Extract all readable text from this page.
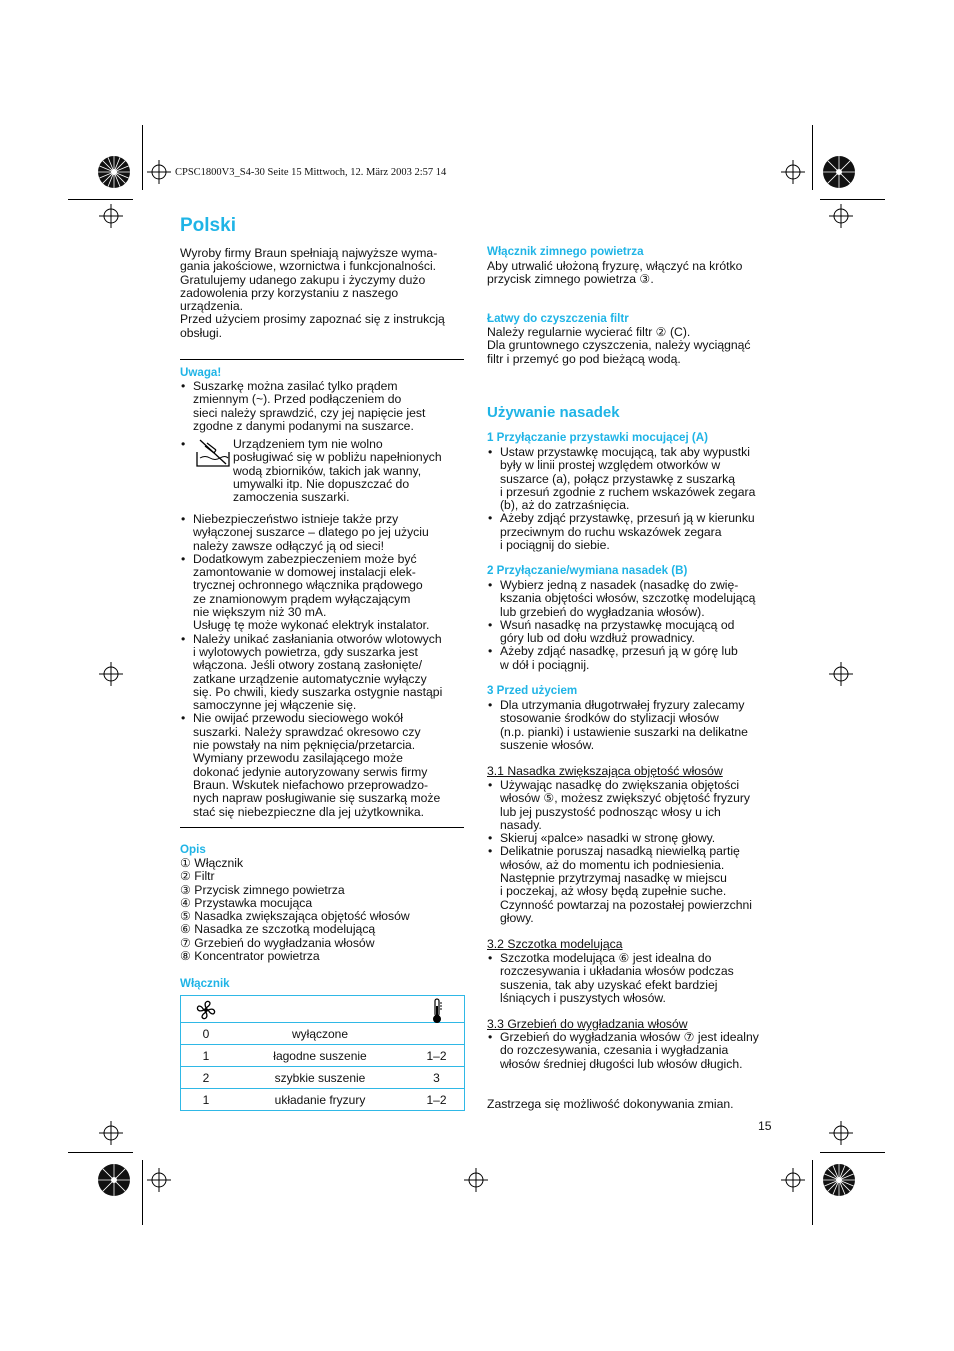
CPSC1800V3_S4-30 Seite 15 Mittwoch, 12. März 2003 2:57 14
Polski
Wyroby firmy Braun spełniają najwyższe wyma-
gania jakościowe, wzornictwa i funkcjonalności.
Gratulujemy udanego zakupu i życzymy dużo
zadowolenia przy korzystaniu z naszego
urządzenia.
Przed użyciem prosimy zapoznać się z instrukcją
obsługi.
Uwaga!
• Suszarkę można zasilać tylko prądem
zmiennym (~). Przed podłączeniem do
sieci należy sprawdzić, czy jej napięcie jest
zgodne z danymi podanymi na suszarce.
•	Urządzeniem tym nie wolno
posługiwać się w pobliżu napełnionych
wodą zbiorników, takich jak wanny,
umywalki itp. Nie dopuszczać do
zamoczenia suszarki.
• Niebezpieczeństwo istnieje także przy
wyłączonej suszarce – dlatego po jej użyciu
należy zawsze odłączyć ją od sieci!
• Dodatkowym zabezpieczeniem może być
zamontowanie w domowej instalacji elek-
trycznej ochronnego włącznika prądowego
ze znamionowym prądem wyłączającym
nie większym niż 30 mA.
Usługę tę może wykonać elektryk instalator.
• Należy unikać zasłaniania otworów wlotowych
i wylotowych powietrza, gdy suszarka jest
włączona. Jeśli otwory zostaną zasłonięte/
zatkane urządzenie automatycznie wyłączy
się. Po chwili, kiedy suszarka ostygnie nastąpi
samoczynne jej włączenie się.
• Nie owijać przewodu sieciowego wokół
suszarki. Należy sprawdzać okresowo czy
nie powstały na nim pęknięcia/przetarcia.
Wymiany przewodu zasilającego może
dokonać jedynie autoryzowany serwis firmy
Braun. Wskutek niefachowo przeprowadzo-
nych napraw posługiwanie się suszarką może
stać się niebezpieczne dla jej użytkownika.
Opis
① Włącznik
② Filtr
③ Przycisk zimnego powietrza
④ Przystawka mocująca
⑤ Nasadka zwiększająca objętość włosów
⑥ Nasadka ze szczotką modelującą
⑦ Grzebień do wygładzania włosów
⑧ Koncentrator powietrza
Włącznik

0	wyłączone	
1	łagodne suszenie	1–2
2	szybkie suszenie	3
1	układanie fryzury	1–2
Włącznik zimnego powietrza
Aby utrwalić ułożoną fryzurę, włączyć na krótko
przycisk zimnego powietrza ③.
Łatwy do czyszczenia filtr
Należy regularnie wycierać filtr ② (C).
Dla gruntownego czyszczenia, należy wyciągnąć
filtr i przemyć go pod bieżącą wodą.
Używanie nasadek
1 Przyłączanie przystawki mocującej (A)
• Ustaw przystawkę mocującą, tak aby wypustki
były w linii prostej względem otworków w
suszarce (a), połącz przystawkę z suszarką
i przesuń zgodnie z ruchem wskazówek zegara
(b), aż do zatrzaśnięcia.
• Ażeby zdjąć przystawkę, przesuń ją w kierunku
przeciwnym do ruchu wskazówek zegara
i pociągnij do siebie.
2 Przyłączanie/wymiana nasadek (B)
• Wybierz jedną z nasadek (nasadkę do zwię-
kszania objętości włosów, szczotkę modelującą
lub grzebień do wygładzania włosów).
• Wsuń nasadkę na przystawkę mocującą od
góry lub od dołu wzdłuż prowadnicy.
• Ażeby zdjąć nasadkę, przesuń ją w górę lub
w dół i pociągnij.
3 Przed użyciem
• Dla utrzymania długotrwałej fryzury zalecamy
stosowanie środków do stylizacji włosów
(n.p. pianki) i ustawienie suszarki na delikatne
suszenie włosów.
3.1 Nasadka zwiększająca objętość włosów
• Używając nasadkę do zwiększania objętości
włosów ⑤, możesz zwiększyć objętość fryzury
lub jej puszystość podnosząc włosy u ich
nasady.
• Skieruj «palce» nasadki w stronę głowy.
• Delikatnie poruszaj nasadką niewielką partię
włosów, aż do momentu ich podniesienia.
Następnie przytrzymaj nasadkę w miejscu
i poczekaj, aż włosy będą zupełnie suche.
Czynność powtarzaj na pozostałej powierzchni
głowy.
3.2 Szczotka modelująca
• Szczotka modelująca ⑥ jest idealna do
rozczesywania i układania włosów podczas
suszenia, tak aby uzyskać efekt bardziej
lśniących i puszystych włosów.
3.3 Grzebień do wygładzania włosów
• Grzebień do wygładzania włosów ⑦ jest idealny
do rozczesywania, czesania i wygładzania
włosów średniej długości lub włosów długich.
Zastrzega się możliwość dokonywania zmian.
15
